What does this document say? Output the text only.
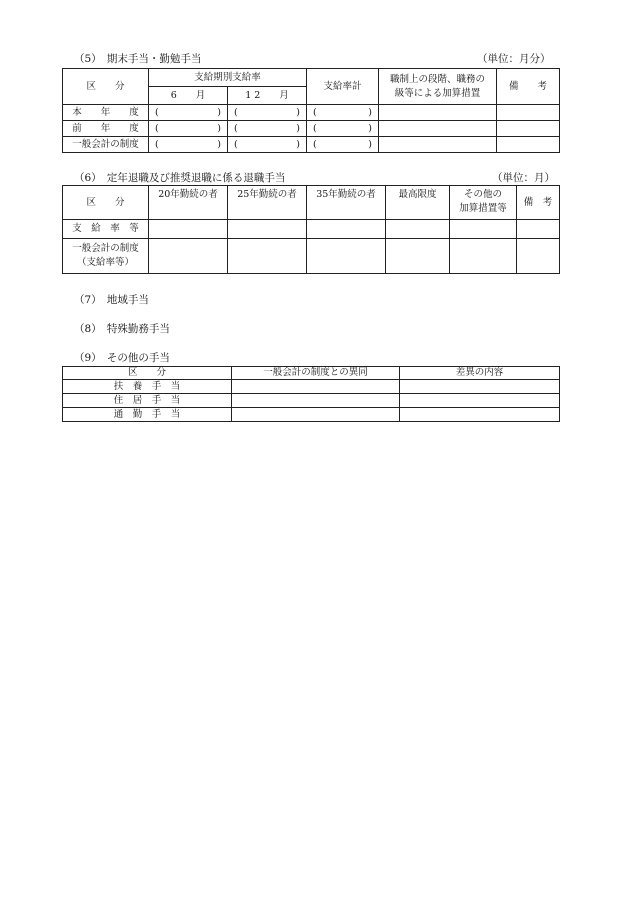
（5）　期末手当・勤勉手当	（単位：月分）
区　　分	支給期別支給率		支給率計	職制上の段階、職務の
級等による加算措置	備　　考
	6　　月	1 2　　月			
本　　年　　度	( )	( )	( )		

前　　年　　度	( )	( )	( )		

一般会計の制度	( )	( )	( )		

（6）　定年退職及び推奨退職に係る退職手当	（単位：月）
区　　分	20年勤続の者	25年勤続の者	35年勤続の者	最高限度	その他の
加算措置等	備　考
支　給　率　等						

一般会計の制度
（支給率等）						

（7）　地域手当
（8）　特殊勤務手当
（9）　その他の手当
区　　分	一般会計の制度との異同	差異の内容
扶　養　手　当		
住　居　手　当		
通　勤　手　当		
